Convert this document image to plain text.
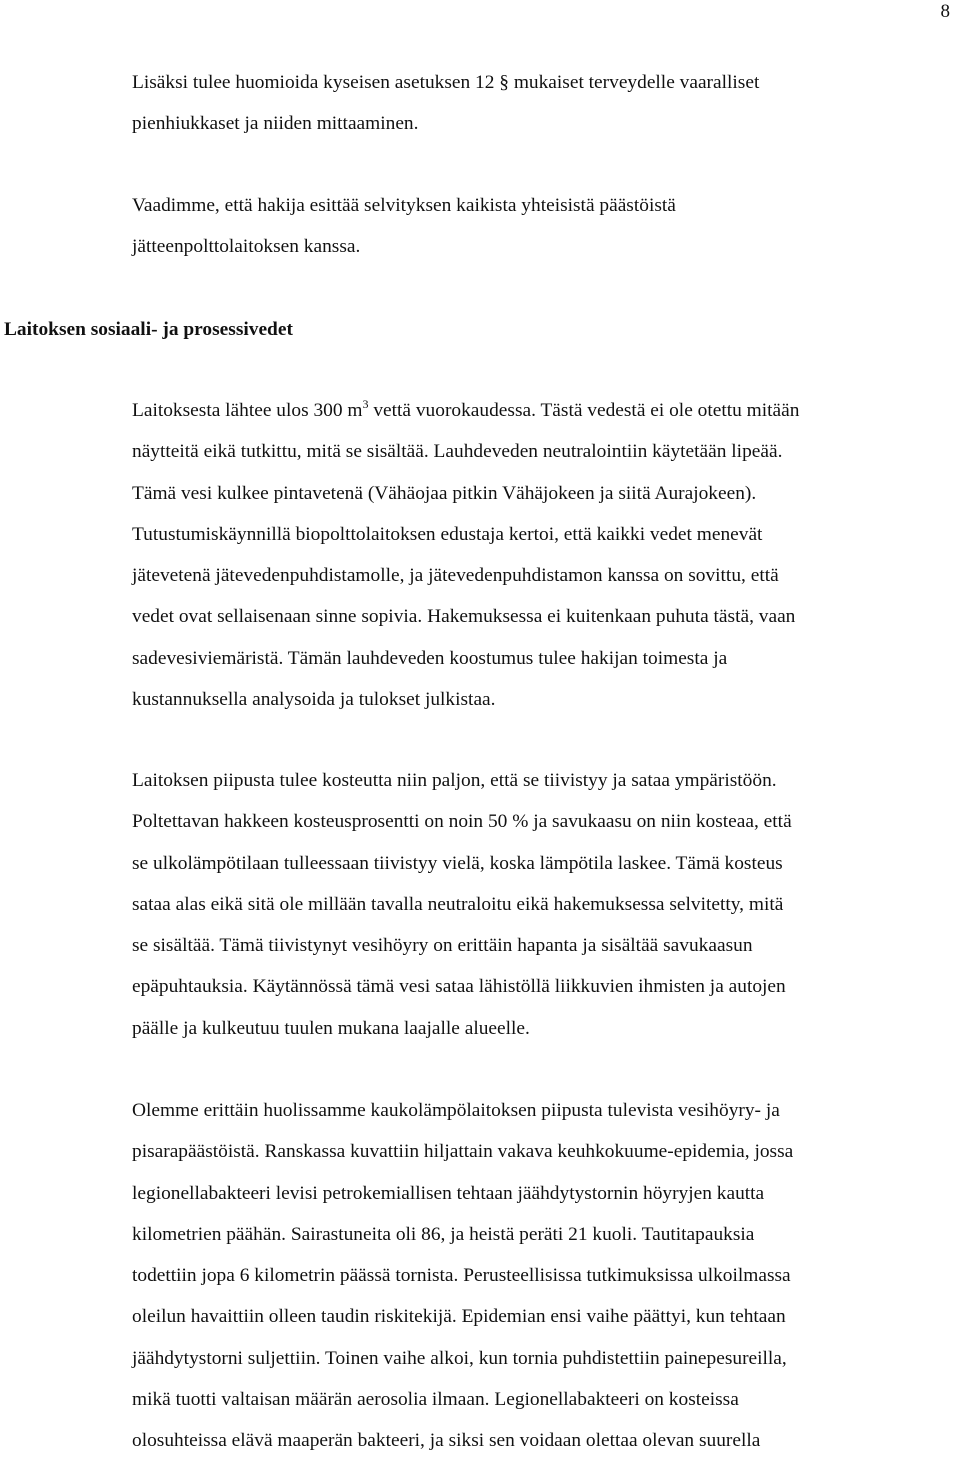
8

Lisäksi tulee huomioida kyseisen asetuksen 12 § mukaiset terveydelle vaaralliset
pienhiukkaset ja niiden mittaaminen.

Vaadimme, että hakija esittää selvityksen kaikista yhteisistä päästöistä
jätteenpolttolaitoksen kanssa.

Laitoksen sosiaali- ja prosessivedet

Laitoksesta lähtee ulos 300 $m^3$ vettä vuorokaudessa. Tästä vedestä ei ole otettu mitään
näytteitä eikä tutkittu, mitä se sisältää. Lauhdeveden neutralointiin käytetään lipeää.
Tämä vesi kulkee pintavetenä (Vähäojaa pitkin Vähäjokeen ja siitä Aurajokeen).
Tutustumiskäynnillä biopolttolaitoksen edustaja kertoi, että kaikki vedet menevät
jätevetenä jätevedenpuhdistamolle, ja jätevedenpuhdistamon kanssa on sovittu, että
vedet ovat sellaisenaan sinne sopivia. Hakemuksessa ei kuitenkaan puhuta tästä, vaan
sadevesiviemäristä. Tämän lauhdeveden koostumus tulee hakijan toimesta ja
kustannuksella analysoida ja tulokset julkistaa.

Laitoksen piipusta tulee kosteutta niin paljon, että se tiivistyy ja sataa ympäristöön.
Poltettavan hakkeen kosteusprosentti on noin 50 % ja savukaasu on niin kosteaa, että
se ulkolämpötilaan tulleessaan tiivistyy vielä, koska lämpötila laskee. Tämä kosteus
sataa alas eikä sitä ole millään tavalla neutraloitu eikä hakemuksessa selvitetty, mitä
se sisältää. Tämä tiivistynyt vesihöyry on erittäin hapanta ja sisältää savukaasun
epäpuhtauksia. Käytännössä tämä vesi sataa lähistöllä liikkuvien ihmisten ja autojen
päälle ja kulkeutuu tuulen mukana laajalle alueelle.

Olemme erittäin huolissamme kaukolämpölaitoksen piipusta tulevista vesihöyry- ja
pisarapäästöistä. Ranskassa kuvattiin hiljattain vakava keuhkokuume-epidemia, jossa
legionellabakteeri levisi petrokemiallisen tehtaan jäähdytystornin höyryjen kautta
kilometrien päähän. Sairastuneita oli 86, ja heistä peräti 21 kuoli. Tautitapauksia
todettiin jopa 6 kilometrin päässä tornista. Perusteellisissa tutkimuksissa ulkoilmassa
oleilun havaittiin olleen taudin riskitekijä. Epidemian ensi vaihe päättyi, kun tehtaan
jäähdytystorni suljettiin. Toinen vaihe alkoi, kun tornia puhdistettiin painepesureilla,
mikä tuotti valtaisan määrän aerosolia ilmaan. Legionellabakteeri on kosteissa
olosuhteissa elävä maaperän bakteeri, ja siksi sen voidaan olettaa olevan suurella
